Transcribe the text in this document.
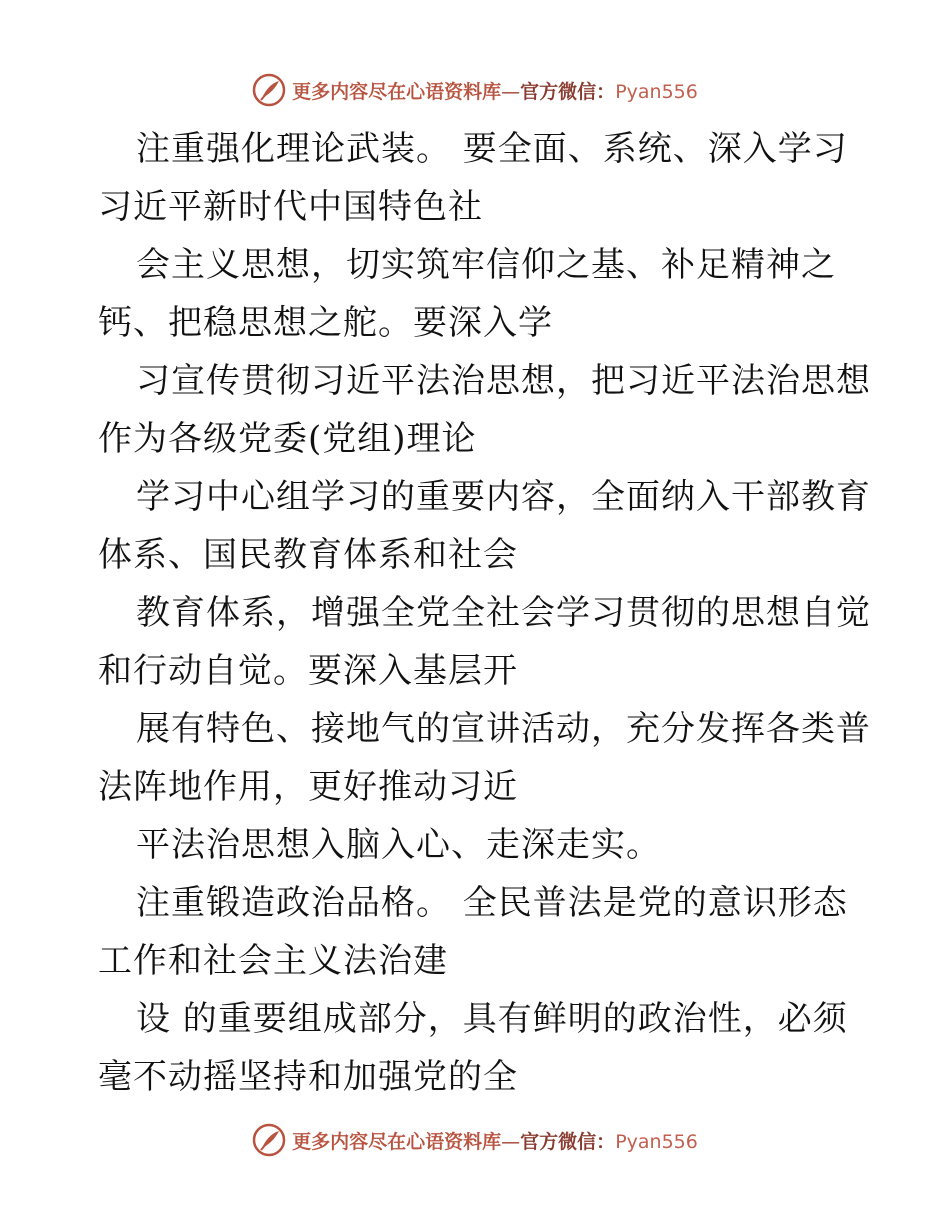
更多内容尽在心语资料库—官方微信：Pyan556

注重强化理论武装。 要全面、系统、深入学习
习近平新时代中国特色社
会主义思想，切实筑牢信仰之基、补足精神之
钙、把稳思想之舵。要深入学
习宣传贯彻习近平法治思想，把习近平法治思想
作为各级党委(党组)理论
学习中心组学习的重要内容，全面纳入干部教育
体系、国民教育体系和社会
教育体系，增强全党全社会学习贯彻的思想自觉
和行动自觉。要深入基层开
展有特色、接地气的宣讲活动，充分发挥各类普
法阵地作用，更好推动习近
平法治思想入脑入心、走深走实。
注重锻造政治品格。 全民普法是党的意识形态
工作和社会主义法治建
设 的重要组成部分，具有鲜明的政治性，必须
毫不动摇坚持和加强党的全

更多内容尽在心语资料库—官方微信：Pyan556
